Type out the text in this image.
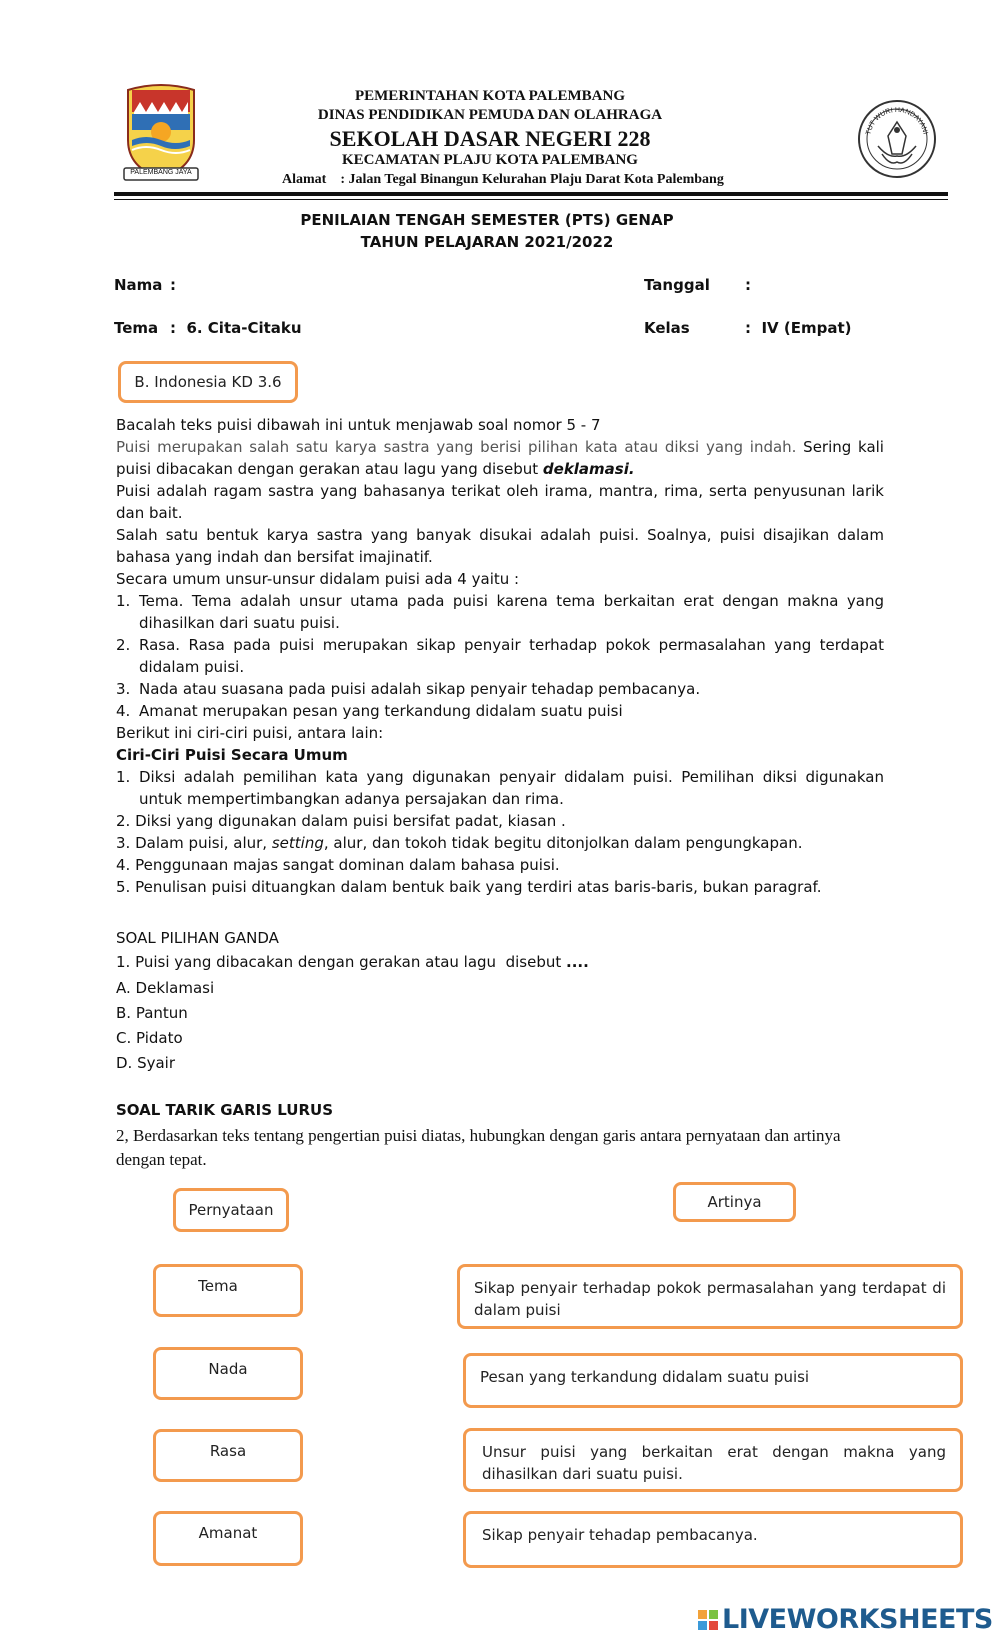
PALEMBANG JAYA
PEMERINTAHAN KOTA PALEMBANG
DINAS PENDIDIKAN PEMUDA DAN OLAHRAGA
SEKOLAH DASAR NEGERI 228
KECAMATAN PLAJU KOTA PALEMBANG
Alamat : Jalan Tegal Binangun Kelurahan Plaju Darat Kota Palembang
TUT WURI HANDAYANI
PENILAIAN TENGAH SEMESTER (PTS) GENAP
TAHUN PELAJARAN 2021/2022
Nama :	Tanggal :
Tema :  6. Cita-Citaku	Kelas	:  IV (Empat)
B. Indonesia KD 3.6

Bacalah teks puisi dibawah ini untuk menjawab soal nomor 5 - 7

Puisi merupakan salah satu karya sastra yang berisi pilihan kata atau diksi yang indah. Sering kali puisi dibacakan dengan gerakan atau lagu yang disebut deklamasi.

Puisi adalah ragam sastra yang bahasanya terikat oleh irama, mantra, rima, serta penyusunan larik dan bait.

Salah satu bentuk karya sastra yang banyak disukai adalah puisi. Soalnya, puisi disajikan dalam bahasa yang indah dan bersifat imajinatif.

Secara umum unsur-unsur didalam puisi ada 4 yaitu :

1. Tema. Tema adalah unsur utama pada puisi karena tema berkaitan erat dengan makna yang dihasilkan dari suatu puisi.
2. Rasa. Rasa pada puisi merupakan sikap penyair terhadap pokok permasalahan yang terdapat didalam puisi.
3. Nada atau suasana pada puisi adalah sikap penyair tehadap pembacanya.
4. Amanat merupakan pesan yang terkandung didalam suatu puisi

Berikut ini ciri-ciri puisi, antara lain:

Ciri-Ciri Puisi Secara Umum

1. Diksi adalah pemilihan kata yang digunakan penyair didalam puisi. Pemilihan diksi digunakan untuk mempertimbangkan adanya persajakan dan rima.

2. Diksi yang digunakan dalam puisi bersifat padat, kiasan .

3. Dalam puisi, alur, setting, alur, dan tokoh tidak begitu ditonjolkan dalam pengungkapan.

4. Penggunaan majas sangat dominan dalam bahasa puisi.

5. Penulisan puisi dituangkan dalam bentuk baik yang terdiri atas baris-baris, bukan paragraf.

SOAL PILIHAN GANDA
1. Puisi yang dibacakan dengan gerakan atau lagu  disebut ....
A. Deklamasi
B. Pantun
C. Pidato
D. Syair
SOAL TARIK GARIS LURUS
2, Berdasarkan teks tentang pengertian puisi diatas, hubungkan dengan garis antara pernyataan dan artinya dengan tepat.
Pernyataan	Artinya
Tema
Nada
Rasa
Amanat
Sikap penyair terhadap pokok permasalahan yang terdapat di dalam puisi
Pesan yang terkandung didalam suatu puisi
Unsur puisi yang berkaitan erat dengan makna yang dihasilkan dari suatu puisi.
Sikap penyair tehadap pembacanya.
LIVEWORKSHEETS
